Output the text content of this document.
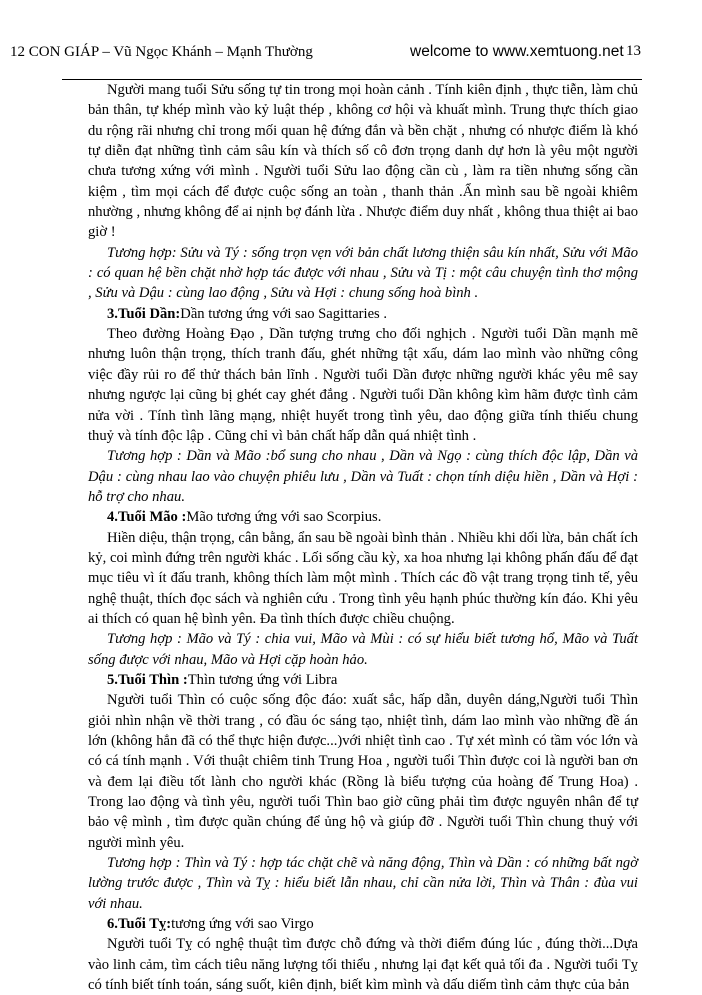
12 CON GIÁP – Vũ Ngọc Khánh – Mạnh Thường	welcome to www.xemtuong.net 13

Người mang tuổi Sửu sống tự tin trong mọi hoàn cảnh . Tính kiên định , thực tiễn, làm chủ bản thân, tự khép mình vào kỷ luật thép , không cơ hội và khuất mình. Trung thực thích giao du rộng rãi nhưng chỉ trong mối quan hệ đứng đắn và bền chặt , nhưng có nhược điểm là khó tự diễn đạt những tình cảm sâu kín và thích số cô đơn trọng danh dự hơn là yêu một người chưa tương xứng với mình . Người tuổi Sửu lao động cần cù , làm ra tiền nhưng sống cần kiệm , tìm mọi cách để được cuộc sống an toàn , thanh thản .Ẩn mình sau bề ngoài khiêm nhường , nhưng không để ai nịnh bợ đánh lừa . Nhược điểm duy nhất , không thua thiệt ai bao giờ !

Tương hợp: Sửu và Tý : sống trọn vẹn với bản chất lương thiện sâu kín nhất, Sửu với Mão : có quan hệ bền chặt nhờ hợp tác được với nhau , Sửu và Tị : một câu chuyện tình thơ mộng , Sửu và Dậu : cùng lao động , Sửu và Hợi : chung sống hoà bình .

3.Tuổi Dần:Dần tương ứng với sao Sagittaries .

Theo đường Hoàng Đạo , Dần tượng trưng cho đối nghịch . Người tuổi Dần mạnh mẽ nhưng luôn thận trọng, thích tranh đấu, ghét những tật xấu, dám lao mình vào những công việc đầy rủi ro để thử thách bản lĩnh . Người tuổi Dần được những người khác yêu mê say nhưng ngược lại cũng bị ghét cay ghét đắng . Người tuổi Dần không kìm hãm được tình cảm nửa vời . Tính tình lãng mạng, nhiệt huyết trong tình yêu, dao động giữa tính thiếu chung thuỷ và tính độc lập . Cũng chỉ vì bản chất hấp dẫn quá nhiệt tình .

Tương hợp : Dần và Mão :bổ sung cho nhau , Dần và Ngọ : cùng thích độc lập, Dần và Dậu : cùng nhau lao vào chuyện phiêu lưu , Dần và Tuất : chọn tính diệu hiền , Dần và Hợi : hỗ trợ cho nhau.

4.Tuổi Mão :Mão tương ứng với sao Scorpius.

Hiền diệu, thận trọng, cân bằng, ẩn sau bề ngoài bình thản . Nhiều khi dối lừa, bản chất ích kỷ, coi mình đứng trên người khác . Lối sống cầu kỳ, xa hoa nhưng lại không phấn đấu để đạt mục tiêu vì ít đấu tranh, không thích làm một mình . Thích các đồ vật trang trọng tinh tế, yêu nghệ thuật, thích đọc sách và nghiên cứu . Trong tình yêu hạnh phúc thường kín đáo. Khi yêu ai thích có quan hệ bình yên. Đa tình thích được chiều chuộng.

Tương hợp : Mão và Tý : chia vui, Mão và Mùi : có sự hiểu biết tương hổ, Mão và Tuất sống được với nhau, Mão và Hợi cặp hoàn hảo.

5.Tuổi Thìn :Thìn tương ứng với Libra

Người tuổi Thìn có cuộc sống độc đáo: xuất sắc, hấp dẫn, duyên dáng,Người tuổi Thìn giỏi nhìn nhận về thời trang , có đầu óc sáng tạo, nhiệt tình, dám lao mình vào những đề án lớn (không hẳn đã có thể thực hiện được...)với nhiệt tình cao . Tự xét mình có tầm vóc lớn và có cá tính mạnh . Với thuật chiêm tinh Trung Hoa , người tuổi Thìn được coi là người ban ơn và đem lại điều tốt lành cho người khác (Rồng là biểu tượng của hoàng đế Trung Hoa) . Trong lao động và tình yêu, người tuổi Thìn bao giờ cũng phải tìm được nguyên nhân để tự bảo vệ mình , tìm được quần chúng để ủng hộ và giúp đỡ . Người tuổi Thìn chung thuỷ với người mình yêu.

Tương hợp : Thìn và Tý : hợp tác chặt chẽ và năng động, Thìn và Dần : có những bất ngờ lường trước được , Thìn và Tỵ : hiểu biết lẫn nhau, chỉ cần nửa lời, Thìn và Thân : đùa vui với nhau.

6.Tuổi Tỵ:tương ứng với sao Virgo

Người tuổi Tỵ có nghệ thuật tìm được chỗ đứng và thời điểm đúng lúc , đúng thời...Dựa vào linh cảm, tìm cách tiêu năng lượng tối thiểu , nhưng lại đạt kết quả tối đa . Người tuổi Tỵ có tính biết tính toán, sáng suốt, kiên định, biết kìm mình và dấu diếm tình cảm thực của bản
